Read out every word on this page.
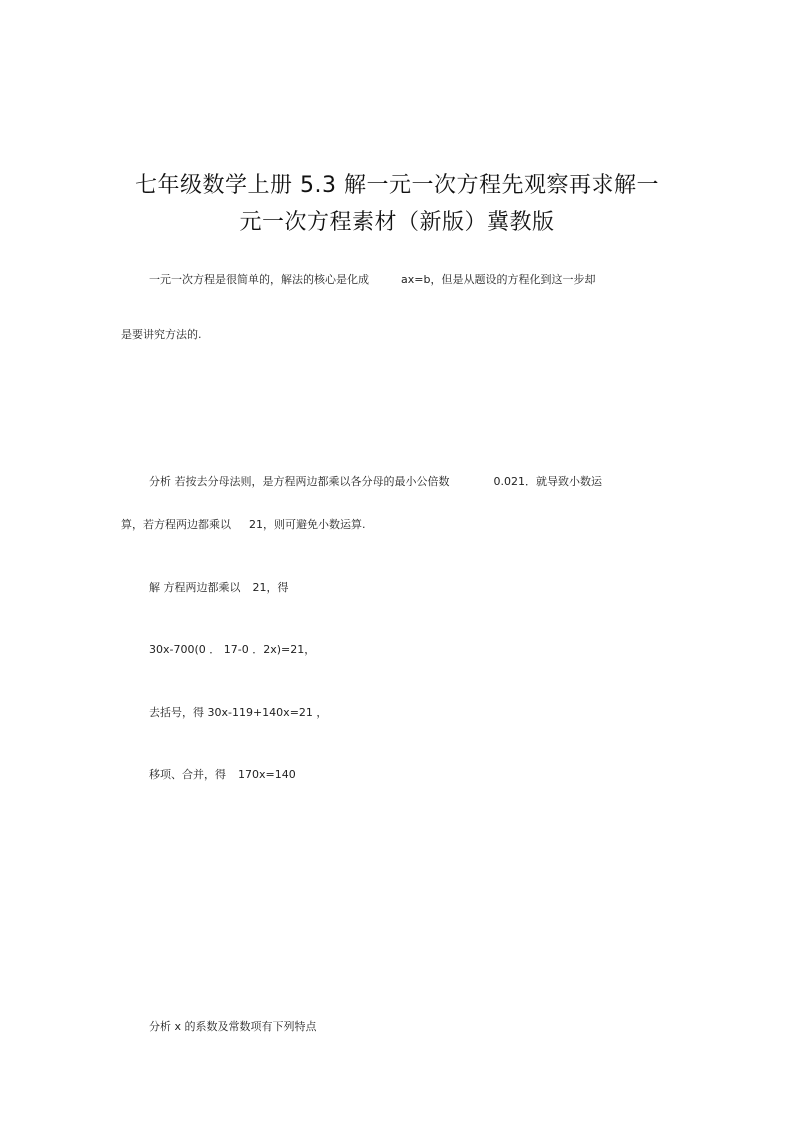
七年级数学上册 5.3 解一元一次方程先观察再求解一
元一次方程素材（新版）冀教版
一元一次方程是很简单的，解法的核心是化成	ax=b，但是从题设的方程化到这一步却
是要讲究方法的.
分析 若按去分母法则，是方程两边都乘以各分母的最小公倍数	0.021．就导致小数运
算，若方程两边都乘以 21，则可避免小数运算.
解 方程两边都乘以 21，得
30x-700(0 ． 17-0 ．2x)=21，
去括号，得 30x-119+140x=21 ，
移项、合并，得 170x=140
分析 x 的系数及常数项有下列特点
